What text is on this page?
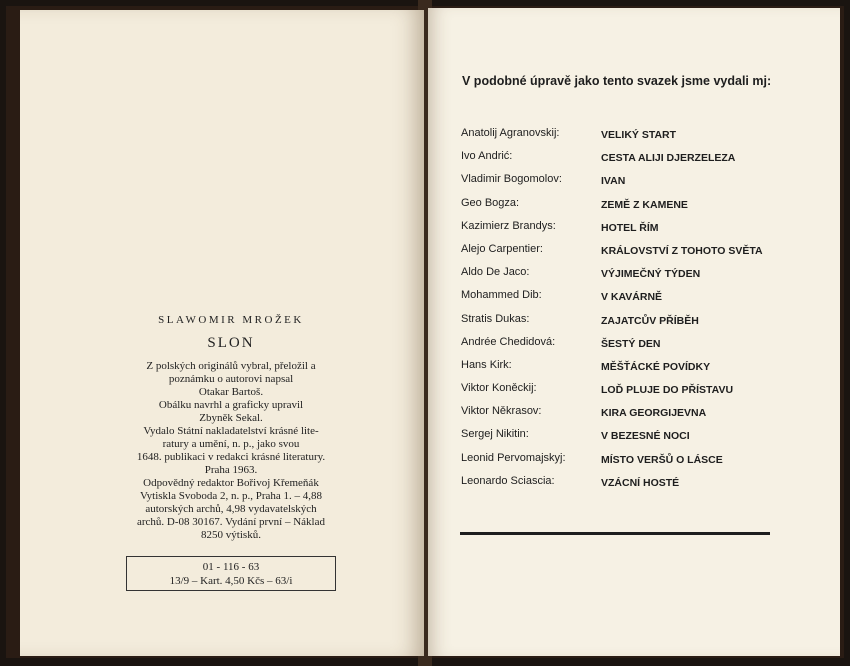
SLAWOMIR MROŽEK
SLON
Z polských originálů vybral, přeložil a
poznámku o autorovi napsal
Otakar Bartoš.
Obálku navrhl a graficky upravil
Zbyněk Sekal.
Vydalo Státní nakladatelství krásné lite-
ratury a umění, n. p., jako svou
1648. publikaci v redakci krásné literatury.
Praha 1963.
Odpovědný redaktor Bořivoj Křemeňák
Vytiskla Svoboda 2, n. p., Praha 1. – 4,88
autorských archů, 4,98 vydavatelských
archů. D-08 30167. Vydání první – Náklad
8250 výtisků.
01 - 116 - 63
13/9 – Kart. 4,50 Kčs – 63/i
V podobné úpravě jako tento svazek jsme vydali mj:
Anatolij Agranovskij:	VELIKÝ START
Ivo Andrić:	CESTA ALIJI DJERZELEZA
Vladimir Bogomolov:	IVAN
Geo Bogza:	ZEMĚ Z KAMENE
Kazimierz Brandys:	HOTEL ŘÍM
Alejo Carpentier:	KRÁLOVSTVÍ Z TOHOTO SVĚTA
Aldo De Jaco:	VÝJIMEČNÝ TÝDEN
Mohammed Dib:	V KAVÁRNĚ
Stratis Dukas:	ZAJATCŮV PŘÍBĚH
Andrée Chedidová:	ŠESTÝ DEN
Hans Kirk:	MĚŠŤÁCKÉ POVÍDKY
Viktor Koněckij:	LOĎ PLUJE DO PŘÍSTAVU
Viktor Někrasov:	KIRA GEORGIJEVNA
Sergej Nikitin:	V BEZESNÉ NOCI
Leonid Pervomajskyj:	MÍSTO VERŠŮ O LÁSCE
Leonardo Sciascia:	VZÁCNÍ HOSTÉ
